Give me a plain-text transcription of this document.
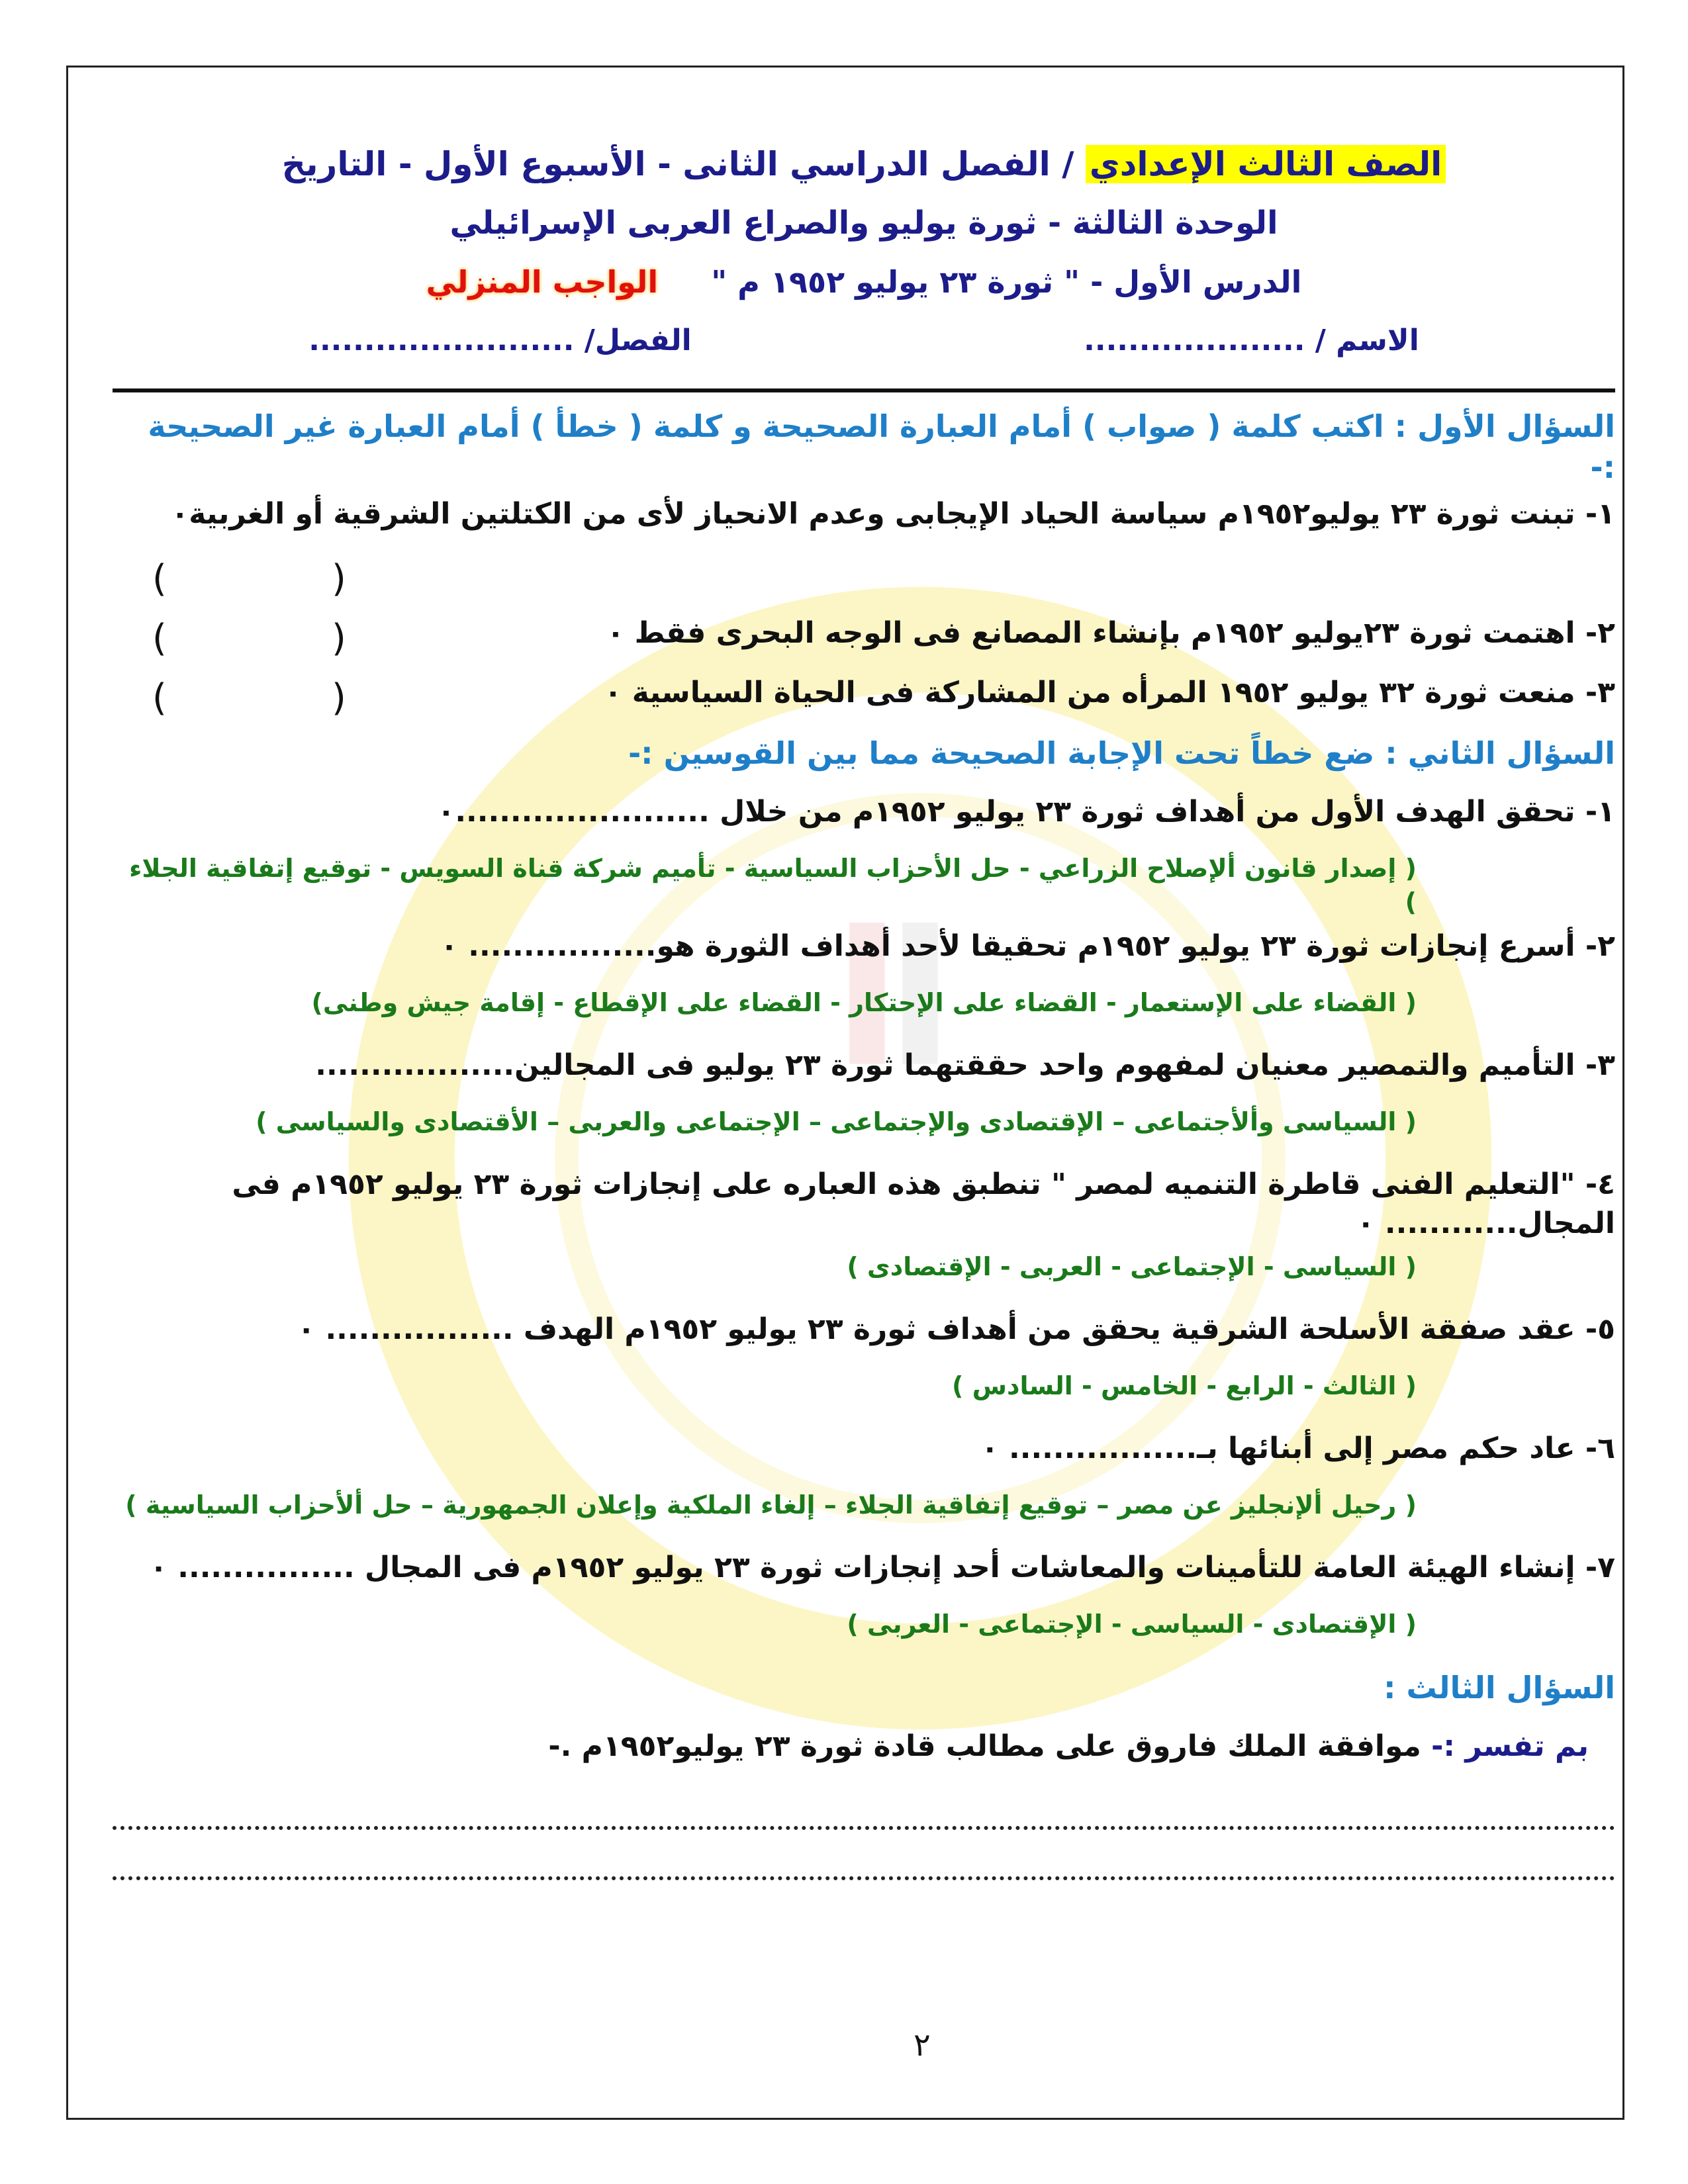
الصف الثالث الإعدادي / الفصل الدراسي الثانى - الأسبوع الأول - التاريخ
الوحدة الثالثة - ثورة يوليو والصراع العربى الإسرائيلي
الدرس الأول - " ثورة ٢٣ يوليو ١٩٥٢ م "الواجب المنزلي
الاسم / ....................
الفصل/ ........................
السؤال الأول : اكتب كلمة ( صواب ) أمام العبارة الصحيحة و كلمة ( خطأ ) أمام العبارة غير الصحيحة :-
١- تبنت ثورة ٢٣ يوليو١٩٥٢م سياسة الحياد الإيجابى وعدم الانحياز لأى من الكتلتين الشرقية أو الغربية٠
(              )
٢- اهتمت ثورة ٢٣يوليو ١٩٥٢م بإنشاء المصانع فى الوجه البحرى فقط ٠
(              )
٣- منعت ثورة ٣٢ يوليو ١٩٥٢ المرأه من المشاركة فى الحياة السياسية ٠
(              )
السؤال الثاني : ضع خطاً تحت الإجابة الصحيحة مما بين القوسين :-
١- تحقق الهدف الأول من أهداف ثورة ٢٣ يوليو ١٩٥٢م من خلال .......................٠
( إصدار قانون ألإصلاح الزراعي - حل الأحزاب السياسية - تأميم شركة قناة السويس - توقيع إتفاقية الجلاء )
٢- أسرع إنجازات ثورة ٢٣ يوليو ١٩٥٢م تحقيقا لأحد أهداف الثورة هو................. ٠
( القضاء على الإستعمار - القضاء على الإحتكار - القضاء على الإقطاع - إقامة جيش وطنى)
٣- التأميم والتمصير معنيان لمفهوم واحد حققتهما ثورة ٢٣ يوليو فى المجالين..................
( السياسى وألأجتماعى – الإقتصادى والإجتماعى – الإجتماعى والعربى – الأقتصادى والسياسى )
٤- "التعليم الفنى قاطرة التنميه لمصر " تنطبق هذه العباره على إنجازات ثورة ٢٣ يوليو ١٩٥٢م فى المجال............ ٠
( السياسى - الإجتماعى - العربى - الإقتصادى )
٥- عقد صفقة الأسلحة الشرقية يحقق من أهداف ثورة ٢٣ يوليو ١٩٥٢م الهدف ................. ٠
( الثالث - الرابع - الخامس - السادس )
٦- عاد حكم مصر إلى أبنائها بـ................. ٠
( رحيل ألإنجليز عن مصر – توقيع إتفاقية الجلاء – إلغاء الملكية وإعلان الجمهورية – حل ألأحزاب السياسية )
٧- إنشاء الهيئة العامة للتأمينات والمعاشات أحد إنجازات ثورة ٢٣ يوليو ١٩٥٢م فى المجال ................ ٠
( الإقتصادى - السياسى - الإجتماعى - العربى )
السؤال الثالث :
بم تفسر :- موافقة الملك فاروق على مطالب قادة ثورة ٢٣ يوليو١٩٥٢م .-
٢
